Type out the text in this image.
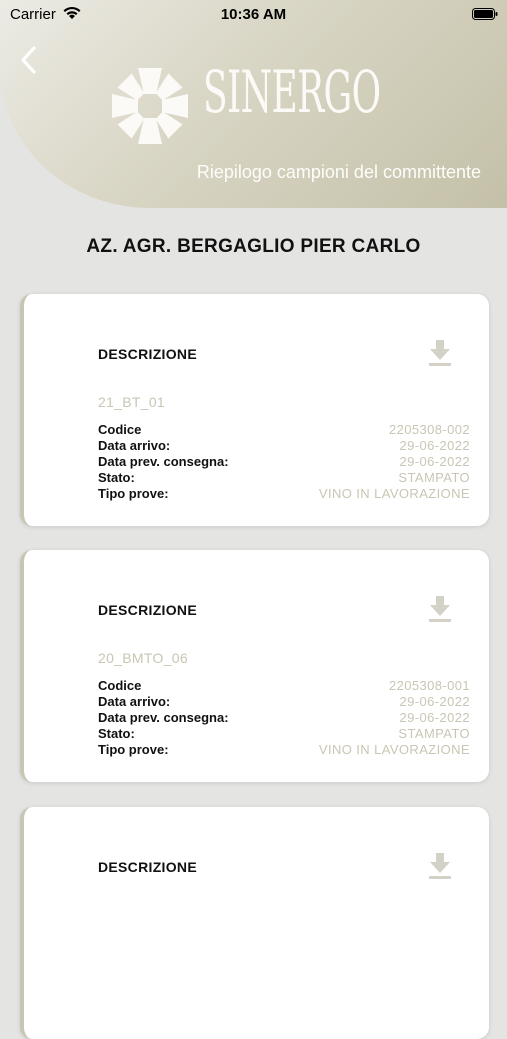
Carrier	10:36 AM
SINERGO
Riepilogo campioni del committente
AZ. AGR. BERGAGLIO PIER CARLO
DESCRIZIONE
21_BT_01
Codice	2205308-002
Data arrivo:	29-06-2022
Data prev. consegna:	29-06-2022
Stato:	STAMPATO
Tipo prove:	VINO IN LAVORAZIONE
DESCRIZIONE
20_BMTO_06
Codice	2205308-001
Data arrivo:	29-06-2022
Data prev. consegna:	29-06-2022
Stato:	STAMPATO
Tipo prove:	VINO IN LAVORAZIONE
DESCRIZIONE
